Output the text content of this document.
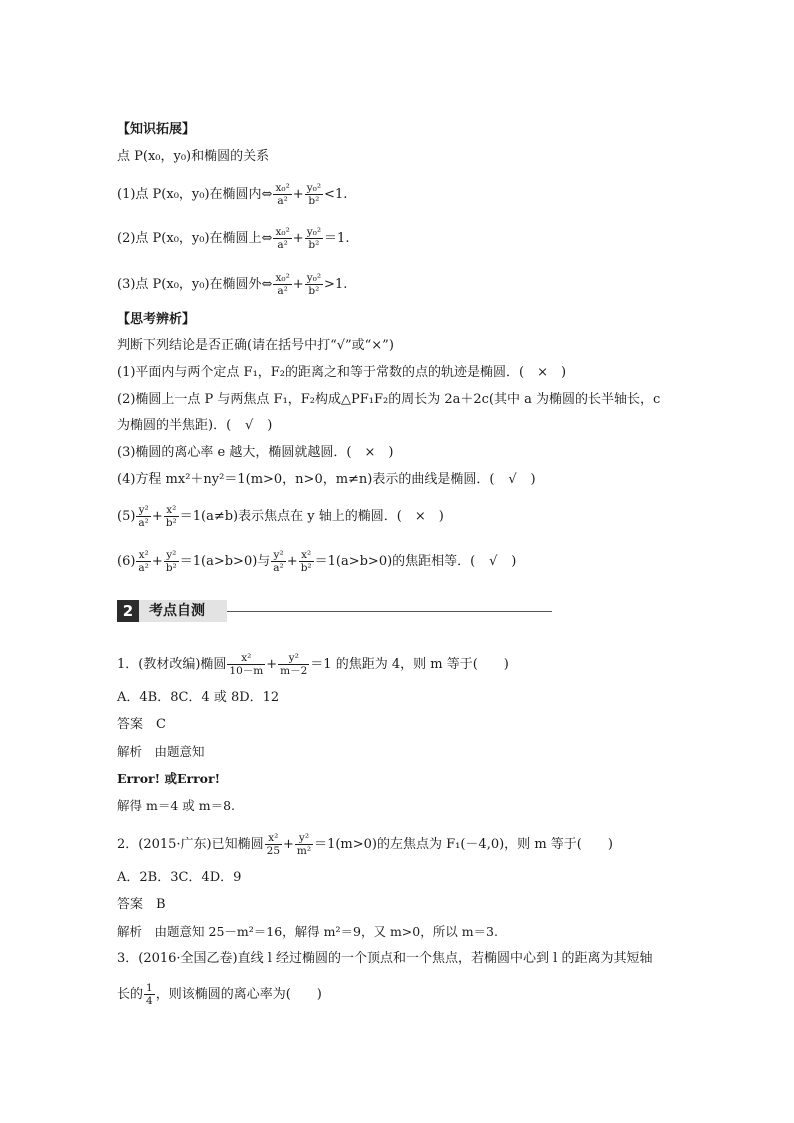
【知识拓展】
点 P(x₀，y₀)和椭圆的关系
(1)点 P(x₀，y₀)在椭圆内⇔ $\frac{\text{x₀²}}{\text{a²}} + \frac{\text{y₀²}}{\text{b²}} <1$.
(2)点 P(x₀，y₀)在椭圆上⇔ $\frac{\text{x₀²}}{\text{a²}} + \frac{\text{y₀²}}{\text{b²}} =1$.
(3)点 P(x₀，y₀)在椭圆外⇔ $\frac{\text{x₀²}}{\text{a²}} + \frac{\text{y₀²}}{\text{b²}} >1$.
【思考辨析】
判断下列结论是否正确(请在括号中打“√”或“×”)
(1)平面内与两个定点 F₁，F₂的距离之和等于常数的点的轨迹是椭圆．(　 ×　 )
(2)椭圆上一点 P 与两焦点 F₁，F₂构成△PF₁F₂的周长为 2a＋2c(其中 a 为椭圆的长半轴长，c
为椭圆的半焦距)．(　 √　 )
(3)椭圆的离心率 e 越大，椭圆就越圆．(　 ×　 )
(4)方程 mx²＋ny²＝1(m>0，n>0，m≠n)表示的曲线是椭圆．(　 √　 )
$(5) \frac{\text{y²}}{\text{a²}} + \frac{\text{x²}}{\text{b²}} =1(a\ne b)$表示焦点在 y 轴上的椭圆．(　 ×　 )
$(6) \frac{\text{x²}}{\text{a²}} + \frac{\text{y²}}{\text{b²}} =1(a>b>0)$与 $\frac{\text{y²}}{\text{a²}} + \frac{\text{x²}}{\text{b²}} =1(a>b>0)$的焦距相等．(　 √　 )
2	考点自测
1．(教材改编)椭圆 $\frac{\text{x²}}{10-m} + \frac{\text{y²}}{m-2} =1$ 的焦距为 4，则 m 等于(　　)
A．4B．8C．4 或 8D．12
答案　 C
解析　 由题意知
Error! 或Error!
解得 m＝4 或 m＝8.
2．(2015·广东)已知椭圆 $\frac{\text{x²}}{25} + \frac{\text{y²}}{\text{m²}} =1(m>0)$的左焦点为 F₁(－4,0)，则 m 等于(　　)
A．2B．3C．4D．9
答案　 B
解析　 由题意知 25－m²＝16，解得 m²＝9，又 m>0，所以 m＝3.
3．(2016·全国乙卷)直线 l 经过椭圆的一个顶点和一个焦点，若椭圆中心到 l 的距离为其短轴
长的 $\frac{1}{4}$ ，则该椭圆的离心率为(　　)
